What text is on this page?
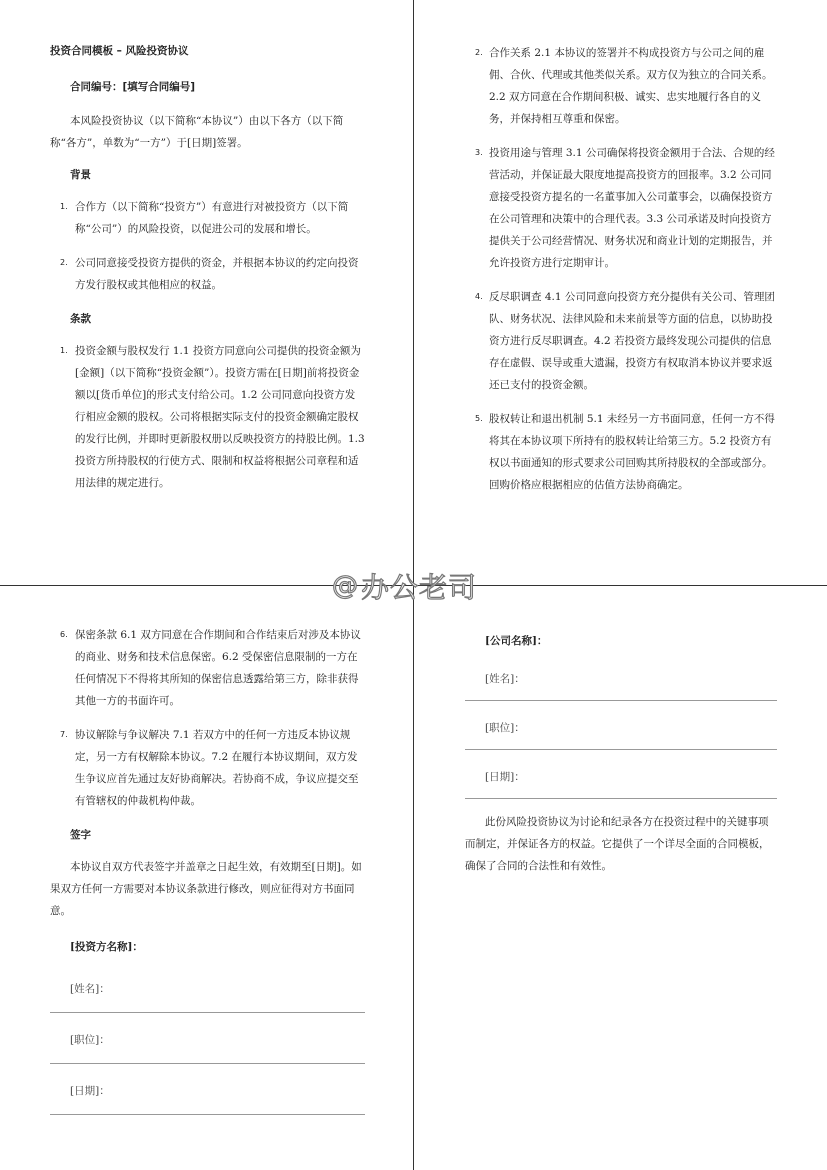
投资合同模板 – 风险投资协议
合同编号：[填写合同编号]
本风险投资协议（以下简称“本协议”）由以下各方（以下简称“各方”，单数为“一方”）于[日期]签署。
背景
1. 合作方（以下简称“投资方”）有意进行对被投资方（以下简称“公司”）的风险投资，以促进公司的发展和增长。
2. 公司同意接受投资方提供的资金，并根据本协议的约定向投资方发行股权或其他相应的权益。
条款
1. 投资金额与股权发行 1.1 投资方同意向公司提供的投资金额为[金额]（以下简称“投资金额”）。投资方需在[日期]前将投资金额以[货币单位]的形式支付给公司。1.2 公司同意向投资方发行相应金额的股权。公司将根据实际支付的投资金额确定股权的发行比例，并即时更新股权册以反映投资方的持股比例。1.3 投资方所持股权的行使方式、限制和权益将根据公司章程和适用法律的规定进行。
2. 合作关系 2.1 本协议的签署并不构成投资方与公司之间的雇佣、合伙、代理或其他类似关系。双方仅为独立的合同关系。2.2 双方同意在合作期间积极、诚实、忠实地履行各自的义务，并保持相互尊重和保密。
3. 投资用途与管理 3.1 公司确保将投资金额用于合法、合规的经营活动，并保证最大限度地提高投资方的回报率。3.2 公司同意接受投资方提名的一名董事加入公司董事会，以确保投资方在公司管理和决策中的合理代表。3.3 公司承诺及时向投资方提供关于公司经营情况、财务状况和商业计划的定期报告，并允许投资方进行定期审计。
4. 反尽职调查 4.1 公司同意向投资方充分提供有关公司、管理团队、财务状况、法律风险和未来前景等方面的信息，以协助投资方进行反尽职调查。4.2 若投资方最终发现公司提供的信息存在虚假、误导或重大遗漏，投资方有权取消本协议并要求返还已支付的投资金额。
5. 股权转让和退出机制 5.1 未经另一方书面同意，任何一方不得将其在本协议项下所持有的股权转让给第三方。5.2 投资方有权以书面通知的形式要求公司回购其所持股权的全部或部分。回购价格应根据相应的估值方法协商确定。
6. 保密条款 6.1 双方同意在合作期间和合作结束后对涉及本协议的商业、财务和技术信息保密。6.2 受保密信息限制的一方在任何情况下不得将其所知的保密信息透露给第三方，除非获得其他一方的书面许可。
7. 协议解除与争议解决 7.1 若双方中的任何一方违反本协议规定，另一方有权解除本协议。7.2 在履行本协议期间，双方发生争议应首先通过友好协商解决。若协商不成，争议应提交至有管辖权的仲裁机构仲裁。
签字
本协议自双方代表签字并盖章之日起生效，有效期至[日期]。如果双方任何一方需要对本协议条款进行修改，则应征得对方书面同意。
[投资方名称]：
[姓名]：
[职位]：
[日期]：
[公司名称]：
[姓名]：
[职位]：
[日期]：
此份风险投资协议为讨论和纪录各方在投资过程中的关键事项而制定，并保证各方的权益。它提供了一个详尽全面的合同模板，确保了合同的合法性和有效性。
@ 办公老司
